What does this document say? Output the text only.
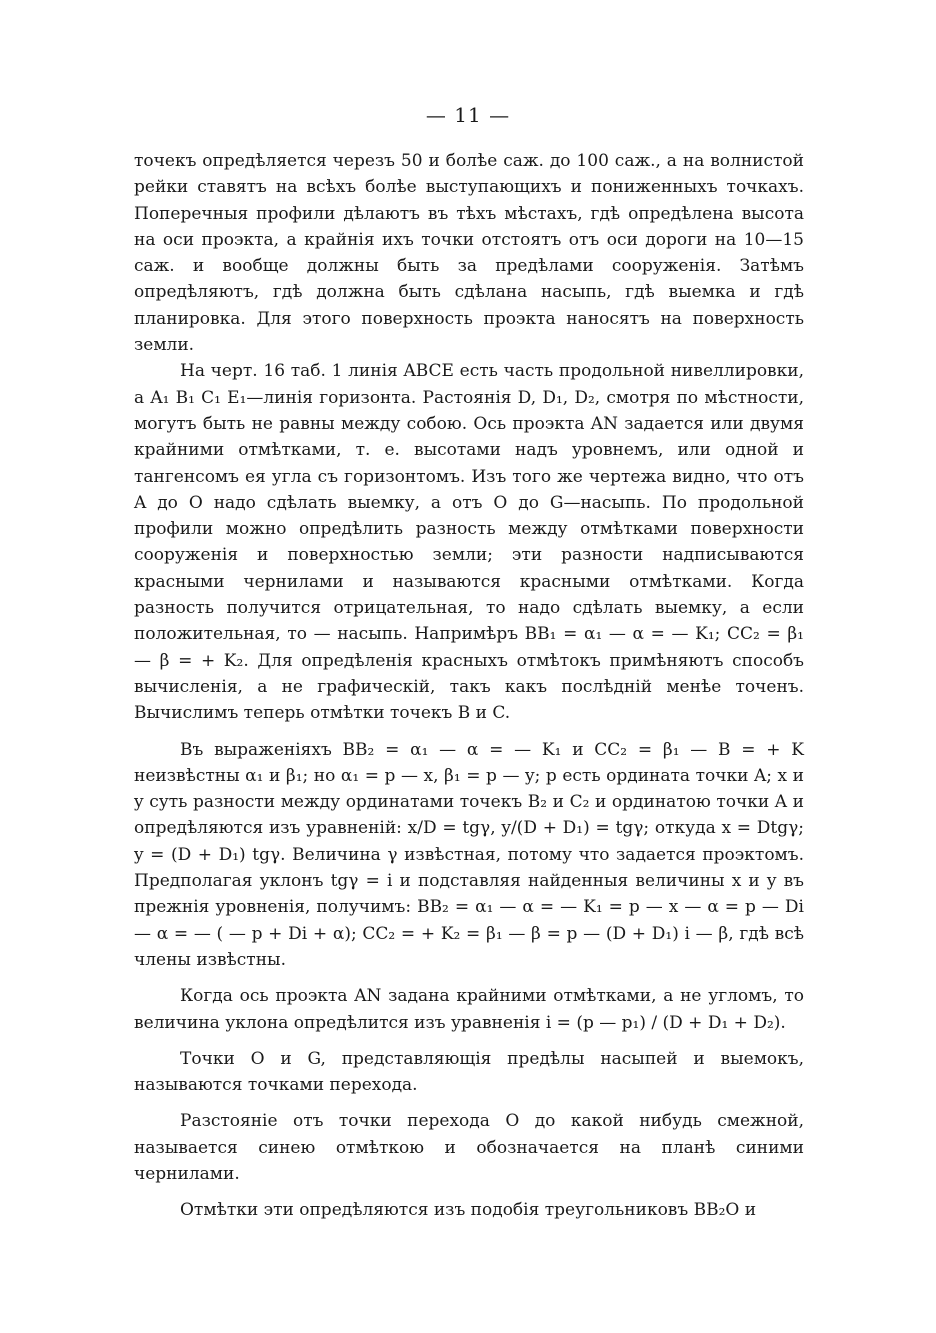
— 11 —

точекъ опредѣляется черезъ 50 и болѣе саж. до 100 саж., а на волнистой рейки ставятъ на всѣхъ болѣе выступающихъ и пониженныхъ точкахъ. Поперечныя профили дѣлаютъ въ тѣхъ мѣстахъ, гдѣ опредѣлена высота на оси проэкта, а крайнія ихъ точки отстоятъ отъ оси дороги на 10—15 саж. и вообще должны быть за предѣлами сооруженія. Затѣмъ опредѣляютъ, гдѣ должна быть сдѣлана насыпь, гдѣ выемка и гдѣ планировка. Для этого поверхность проэкта наносятъ на поверхность земли.

На черт. 16 таб. 1 линія ABCE есть часть продольной нивеллировки, а A₁ B₁ C₁ E₁—линія горизонта. Растоянія D, D₁, D₂, смотря по мѣстности, могутъ быть не равны между собою. Ось проэкта AN задается или двумя крайними отмѣтками, т. е. высотами надъ уровнемъ, или одной и тангенсомъ ея угла съ горизонтомъ. Изъ того же чертежа видно, что отъ A до O надо сдѣлать выемку, а отъ O до G—насыпь. По продольной профили можно опредѣлить разность между отмѣтками поверхности сооруженія и поверхностью земли; эти разности надписываются красными чернилами и называются красными отмѣтками. Когда разность получится отрицательная, то надо сдѣлать выемку, а если положительная, то — насыпь. Напримѣръ BB₁ = α₁ — α = — K₁; CC₂ = β₁ — β = + K₂. Для опредѣленія красныхъ отмѣтокъ примѣняютъ способъ вычисленія, а не графическій, такъ какъ послѣдній менѣе точенъ. Вычислимъ теперь отмѣтки точекъ B и C.

Въ выраженіяхъ BB₂ = α₁ — α = — K₁ и CC₂ = β₁ — B = + K неизвѣстны α₁ и β₁; но α₁ = p — x, β₁ = p — y; p есть ордината точки A; x и y суть разности между ординатами точекъ B₂ и C₂ и ординатою точки A и опредѣляются изъ уравненій: x/D = tgγ, y/(D + D₁) = tgγ; откуда x = Dtgγ; y = (D + D₁) tgγ. Величина γ извѣстная, потому что задается проэктомъ. Предполагая уклонъ tgγ = i и подставляя найденныя величины x и y въ прежнія уровненія, получимъ: BB₂ = α₁ — α = — K₁ = p — x — α = p — Di — α = — ( — p + Di + α); CC₂ = + K₂ = β₁ — β = p — (D + D₁) i — β, гдѣ всѣ члены извѣстны.

Когда ось проэкта AN задана крайними отмѣтками, а не угломъ, то величина уклона опредѣлится изъ уравненія i = (p — p₁) / (D + D₁ + D₂).

Точки O и G, представляющія предѣлы насыпей и выемокъ, называются точками перехода.

Разстояніе отъ точки перехода O до какой нибудь смежной, называется синею отмѣткою и обозначается на планѣ синими чернилами.

Отмѣтки эти опредѣляются изъ подобія треугольниковъ BB₂O и
